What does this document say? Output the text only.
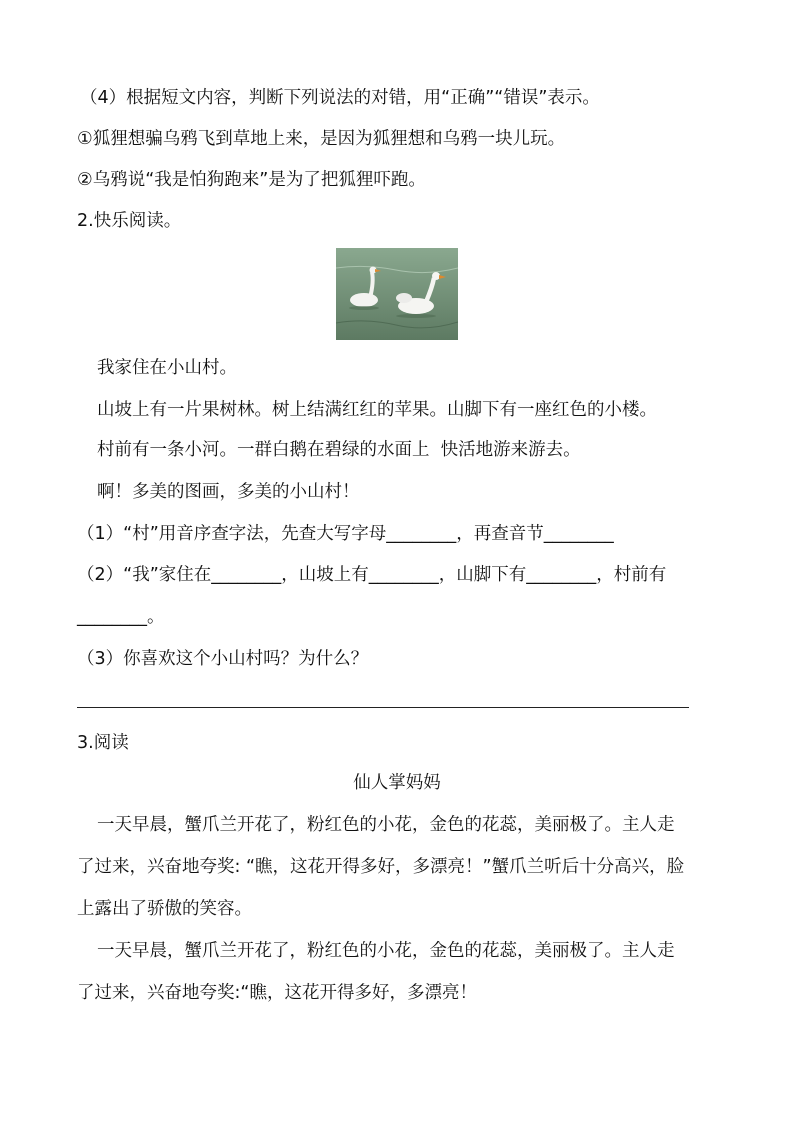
（4）根据短文内容，判断下列说法的对错，用“正确”“错误”表示。
①狐狸想骗乌鸦飞到草地上来，是因为狐狸想和乌鸦一块儿玩。
②乌鸦说“我是怕狗跑来”是为了把狐狸吓跑。
2.快乐阅读。
我家住在小山村。
山坡上有一片果树林。树上结满红红的苹果。山脚下有一座红色的小楼。
村前有一条小河。一群白鹅在碧绿的水面上  快活地游来游去。
啊！多美的图画，多美的小山村！
（1）“村”用音序查字法，先查大写字母________，再查音节________
（2）“我”家住在________，山坡上有________，山脚下有________，村前有
________。
（3）你喜欢这个小山村吗？为什么？
3.阅读
仙人掌妈妈
一天早晨，蟹爪兰开花了，粉红色的小花，金色的花蕊，美丽极了。主人走
了过来，兴奋地夸奖: “瞧，这花开得多好，多漂亮！”蟹爪兰听后十分高兴，脸
上露出了骄傲的笑容。
一天早晨，蟹爪兰开花了，粉红色的小花，金色的花蕊，美丽极了。主人走
了过来，兴奋地夸奖:“瞧，这花开得多好，多漂亮！
